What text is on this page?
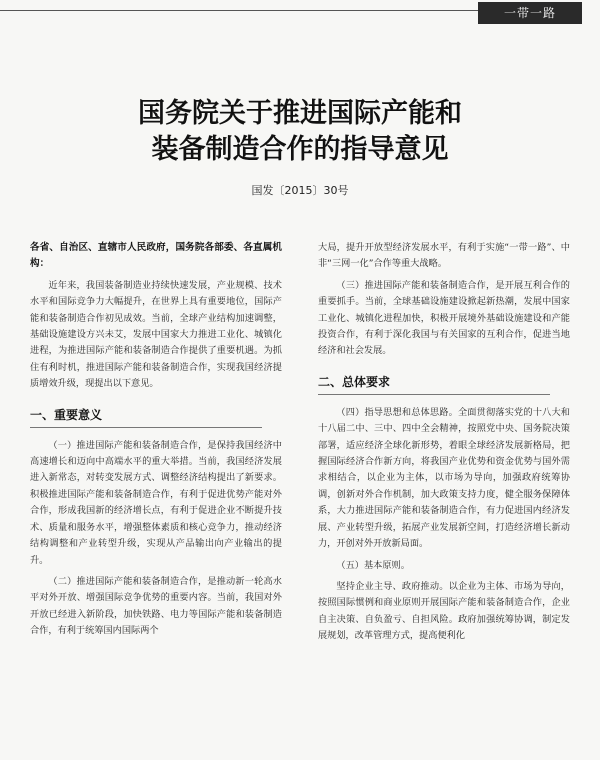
一带一路
国务院关于推进国际产能和
装备制造合作的指导意见
国发〔2015〕30号

各省、自治区、直辖市人民政府，国务院各部委、各直属机构：

近年来，我国装备制造业持续快速发展，产业规模、技术水平和国际竞争力大幅提升，在世界上具有重要地位，国际产能和装备制造合作初见成效。当前，全球产业结构加速调整，基础设施建设方兴未艾，发展中国家大力推进工业化、城镇化进程，为推进国际产能和装备制造合作提供了重要机遇。为抓住有利时机，推进国际产能和装备制造合作，实现我国经济提质增效升级，现提出以下意见。

一、重要意义

（一）推进国际产能和装备制造合作，是保持我国经济中高速增长和迈向中高端水平的重大举措。当前，我国经济发展进入新常态，对转变发展方式、调整经济结构提出了新要求。积极推进国际产能和装备制造合作，有利于促进优势产能对外合作，形成我国新的经济增长点，有利于促进企业不断提升技术、质量和服务水平，增强整体素质和核心竞争力，推动经济结构调整和产业转型升级，实现从产品输出向产业输出的提升。

（二）推进国际产能和装备制造合作，是推动新一轮高水平对外开放、增强国际竞争优势的重要内容。当前，我国对外开放已经进入新阶段，加快铁路、电力等国际产能和装备制造合作，有利于统筹国内国际两个

大局，提升开放型经济发展水平，有利于实施“一带一路”、中非“三网一化”合作等重大战略。

（三）推进国际产能和装备制造合作，是开展互利合作的重要抓手。当前，全球基础设施建设掀起新热潮，发展中国家工业化、城镇化进程加快，积极开展境外基础设施建设和产能投资合作，有利于深化我国与有关国家的互利合作，促进当地经济和社会发展。

二、总体要求

（四）指导思想和总体思路。全面贯彻落实党的十八大和十八届二中、三中、四中全会精神，按照党中央、国务院决策部署，适应经济全球化新形势，着眼全球经济发展新格局，把握国际经济合作新方向，将我国产业优势和资金优势与国外需求相结合，以企业为主体，以市场为导向，加强政府统筹协调，创新对外合作机制，加大政策支持力度，健全服务保障体系，大力推进国际产能和装备制造合作，有力促进国内经济发展、产业转型升级，拓展产业发展新空间，打造经济增长新动力，开创对外开放新局面。

（五）基本原则。

坚持企业主导、政府推动。以企业为主体、市场为导向，按照国际惯例和商业原则开展国际产能和装备制造合作，企业自主决策、自负盈亏、自担风险。政府加强统筹协调，制定发展规划，改革管理方式，提高便利化
